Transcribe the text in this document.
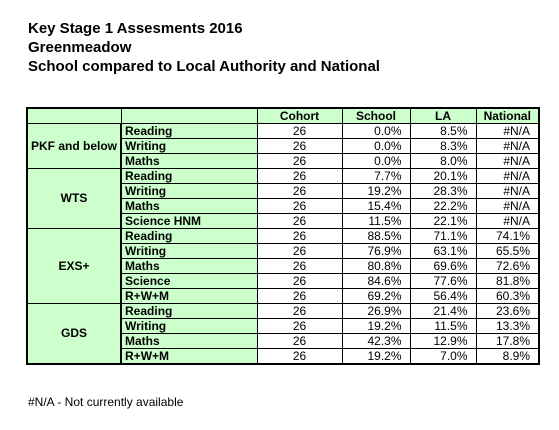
Key Stage 1 Assesments 2016
Greenmeadow
School compared to Local Authority and National
		Cohort	School	LA	National
PKF and below	Reading	26	0.0%	8.5%	#N/A
	Writing	26	0.0%	8.3%	#N/A
	Maths	26	0.0%	8.0%	#N/A
WTS	Reading	26	7.7%	20.1%	#N/A
	Writing	26	19.2%	28.3%	#N/A
	Maths	26	15.4%	22.2%	#N/A
	Science HNM	26	11.5%	22.1%	#N/A
EXS+	Reading	26	88.5%	71.1%	74.1%
	Writing	26	76.9%	63.1%	65.5%
	Maths	26	80.8%	69.6%	72.6%
	Science	26	84.6%	77.6%	81.8%
	R+W+M	26	69.2%	56.4%	60.3%
GDS	Reading	26	26.9%	21.4%	23.6%
	Writing	26	19.2%	11.5%	13.3%
	Maths	26	42.3%	12.9%	17.8%
	R+W+M	26	19.2%	7.0%	8.9%
#N/A - Not currently available
